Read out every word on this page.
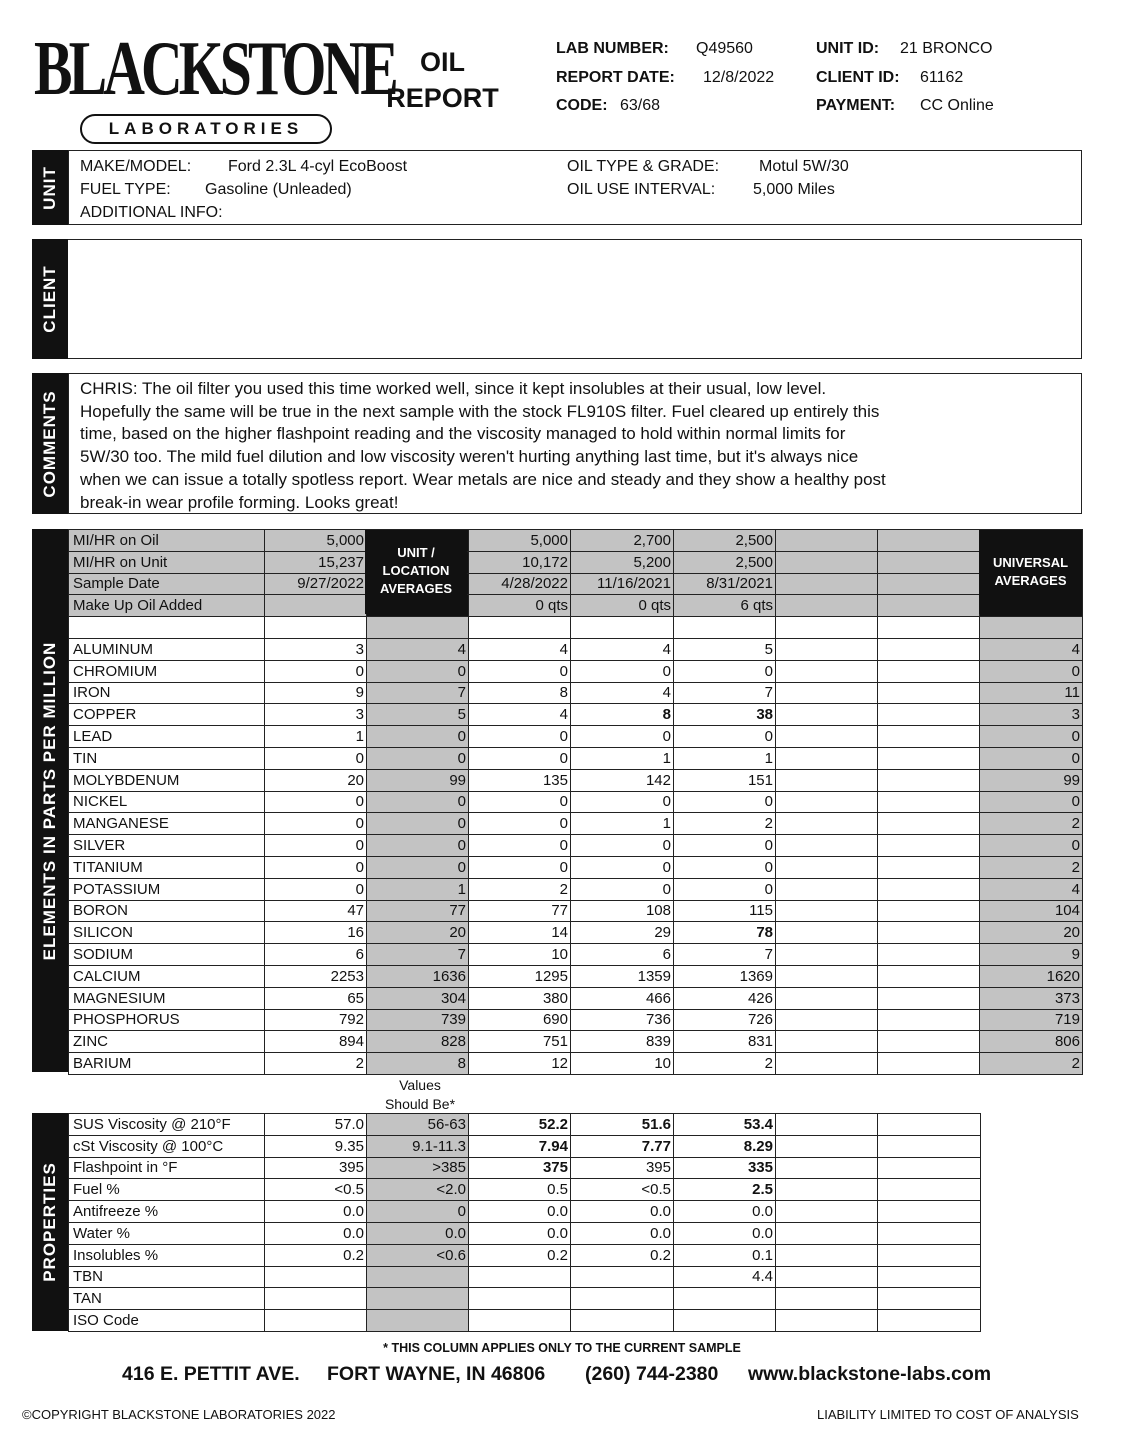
BLACKSTONE
LABORATORIES
OIL
REPORT
LAB NUMBER: Q49560
REPORT DATE: 12/8/2022
CODE: 63/68
UNIT ID: 21 BRONCO
CLIENT ID: 61162
PAYMENT: CC Online
UNIT MAKE/MODEL: Ford 2.3L 4-cyl EcoBoost
FUEL TYPE: Gasoline (Unleaded)
ADDITIONAL INFO:
OIL TYPE & GRADE: Motul 5W/30
OIL USE INTERVAL: 5,000 Miles
CLIENT
COMMENTS
CHRIS: The oil filter you used this time worked well, since it kept insolubles at their usual, low level.
Hopefully the same will be true in the next sample with the stock FL910S filter. Fuel cleared up entirely this
time, based on the higher flashpoint reading and the viscosity managed to hold within normal limits for
5W/30 too. The mild fuel dilution and low viscosity weren't hurting anything last time, but it's always nice
when we can issue a totally spotless report. Wear metals are nice and steady and they show a healthy post
break-in wear profile forming. Looks great!
ELEMENTS IN PARTS PER MILLION
MI/HR on Oil	5,000		5,000	2,700	2,500			
MI/HR on Unit	15,237		10,172	5,200	2,500			
Sample Date	9/27/2022		4/28/2022	11/16/2021	8/31/2021			
Make Up Oil Added			0 qts	0 qts	6 qts			

ALUMINUM	3	4	4	4	5			4
CHROMIUM	0	0	0	0	0			0
IRON	9	7	8	4	7			11
COPPER	3	5	4	8	38			3
LEAD	1	0	0	0	0			0
TIN	0	0	0	1	1			0
MOLYBDENUM	20	99	135	142	151			99
NICKEL	0	0	0	0	0			0
MANGANESE	0	0	0	1	2			2
SILVER	0	0	0	0	0			0
TITANIUM	0	0	0	0	0			2
POTASSIUM	0	1	2	0	0			4
BORON	47	77	77	108	115			104
SILICON	16	20	14	29	78			20
SODIUM	6	7	10	6	7			9
CALCIUM	2253	1636	1295	1359	1369			1620
MAGNESIUM	65	304	380	466	426			373
PHOSPHORUS	792	739	690	736	726			719
ZINC	894	828	751	839	831			806
BARIUM	2	8	12	10	2			2
UNIT /
LOCATION
AVERAGES
UNIVERSAL
AVERAGES
Values
Should Be*
PROPERTIES
SUS Viscosity @ 210°F	57.0	56-63	52.2	51.6	53.4		
cSt Viscosity @ 100°C	9.35	9.1-11.3	7.94	7.77	8.29		
Flashpoint in °F	395	>385	375	395	335		
Fuel %	<0.5	<2.0	0.5	<0.5	2.5		
Antifreeze %	0.0	0	0.0	0.0	0.0		
Water %	0.0	0.0	0.0	0.0	0.0		
Insolubles %	0.2	<0.6	0.2	0.2	0.1		
TBN					4.4		
TAN							
ISO Code							
* THIS COLUMN APPLIES ONLY TO THE CURRENT SAMPLE
416 E. PETTIT AVE. FORT WAYNE, IN 46806 (260) 744-2380 www.blackstone-labs.com
©COPYRIGHT BLACKSTONE LABORATORIES 2022	LIABILITY LIMITED TO COST OF ANALYSIS
